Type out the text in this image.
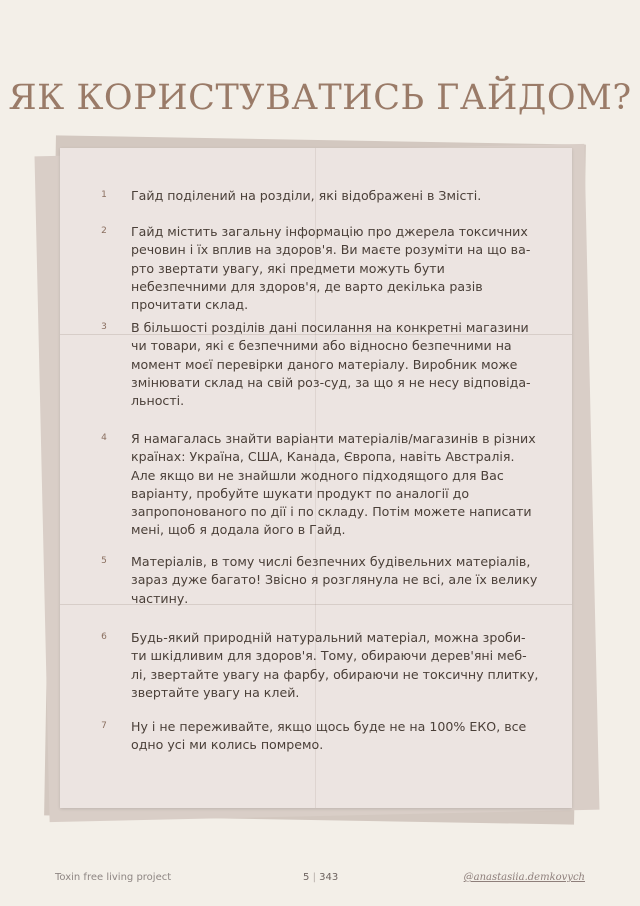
ЯК КОРИСТУВАТИСЬ ГАЙДОМ?
1 Гайд поділений на розділи, які відображені в Змісті.
2 Гайд містить загальну інформацію про джерела токсичних речовин і їх вплив на здоров'я. Ви маєте розуміти на що ва-рто звертати увагу, які предмети можуть бути небезпечними для здоров'я, де варто декілька разів прочитати склад.
3 В більшості розділів дані посилання на конкретні магазини чи товари, які є безпечними або відносно безпечними на момент моєї перевірки даного матеріалу. Виробник може змінювати склад на свій роз-суд, за що я не несу відповіда-льності.
4 Я намагалась знайти варіанти матеріалів/магазинів в різних країнах: Україна, США, Канада, Європа, навіть Австралія. Але якщо ви не знайшли жодного підходящого для Вас варіанту, пробуйте шукати продукт по аналогії до запропонованого по дії і по складу. Потім можете написати мені, щоб я додала його в Гайд.
5 Матеріалів, в тому числі безпечних будівельних матеріалів, зараз дуже багато! Звісно я розглянула не всі, але їх велику частину.
6 Будь-який природній натуральний матеріал, можна зроби-ти шкідливим для здоров'я. Тому, обираючи дерев'яні меб-лі, звертайте увагу на фарбу, обираючи не токсичну плитку, звертайте увагу на клей.
7 Ну і не переживайте, якщо щось буде не на 100% ЕКО, все одно усі ми колись помремо.
Toxin free living project	5 | 343	@anastasiia.demkovych
